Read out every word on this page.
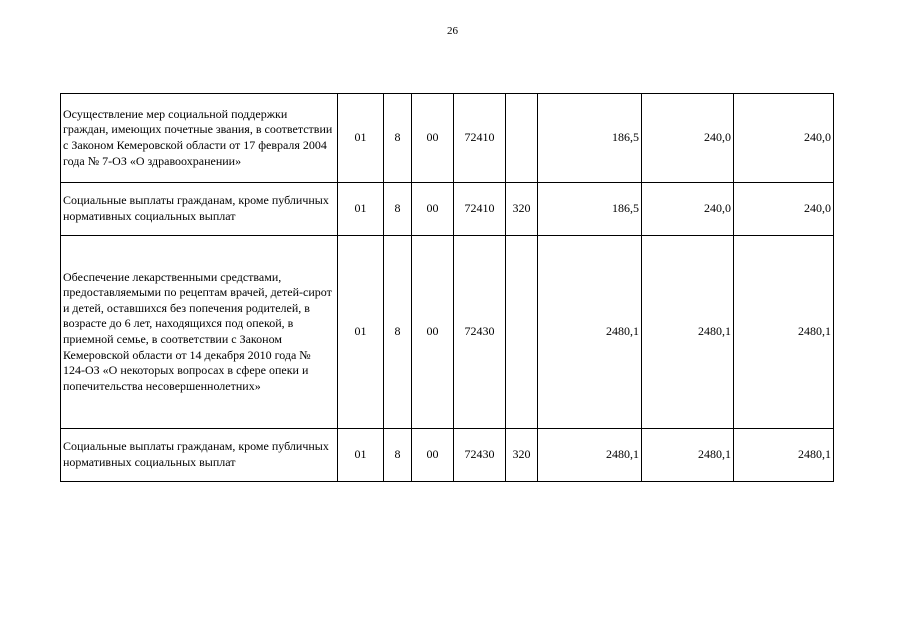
26
Осуществление мер социальной поддержки граждан, имеющих почетные звания, в соответствии с Законом Кемеровской области от 17 февраля 2004 года № 7-ОЗ «О здравоохранении»	01	8	00	72410		186,5	240,0	240,0
Социальные выплаты гражданам, кроме публичных нормативных социальных выплат	01	8	00	72410	320	186,5	240,0	240,0
Обеспечение лекарственными средствами, предоставляемыми по рецептам врачей, детей-сирот и детей, оставшихся без попечения родителей, в возрасте до 6 лет, находящихся под опекой, в приемной семье, в соответствии с Законом Кемеровской области от 14 декабря 2010 года № 124-ОЗ «О некоторых вопросах в сфере опеки и попечительства несовершеннолетних»	01	8	00	72430		2480,1	2480,1	2480,1
Социальные выплаты гражданам, кроме публичных нормативных социальных выплат	01	8	00	72430	320	2480,1	2480,1	2480,1
